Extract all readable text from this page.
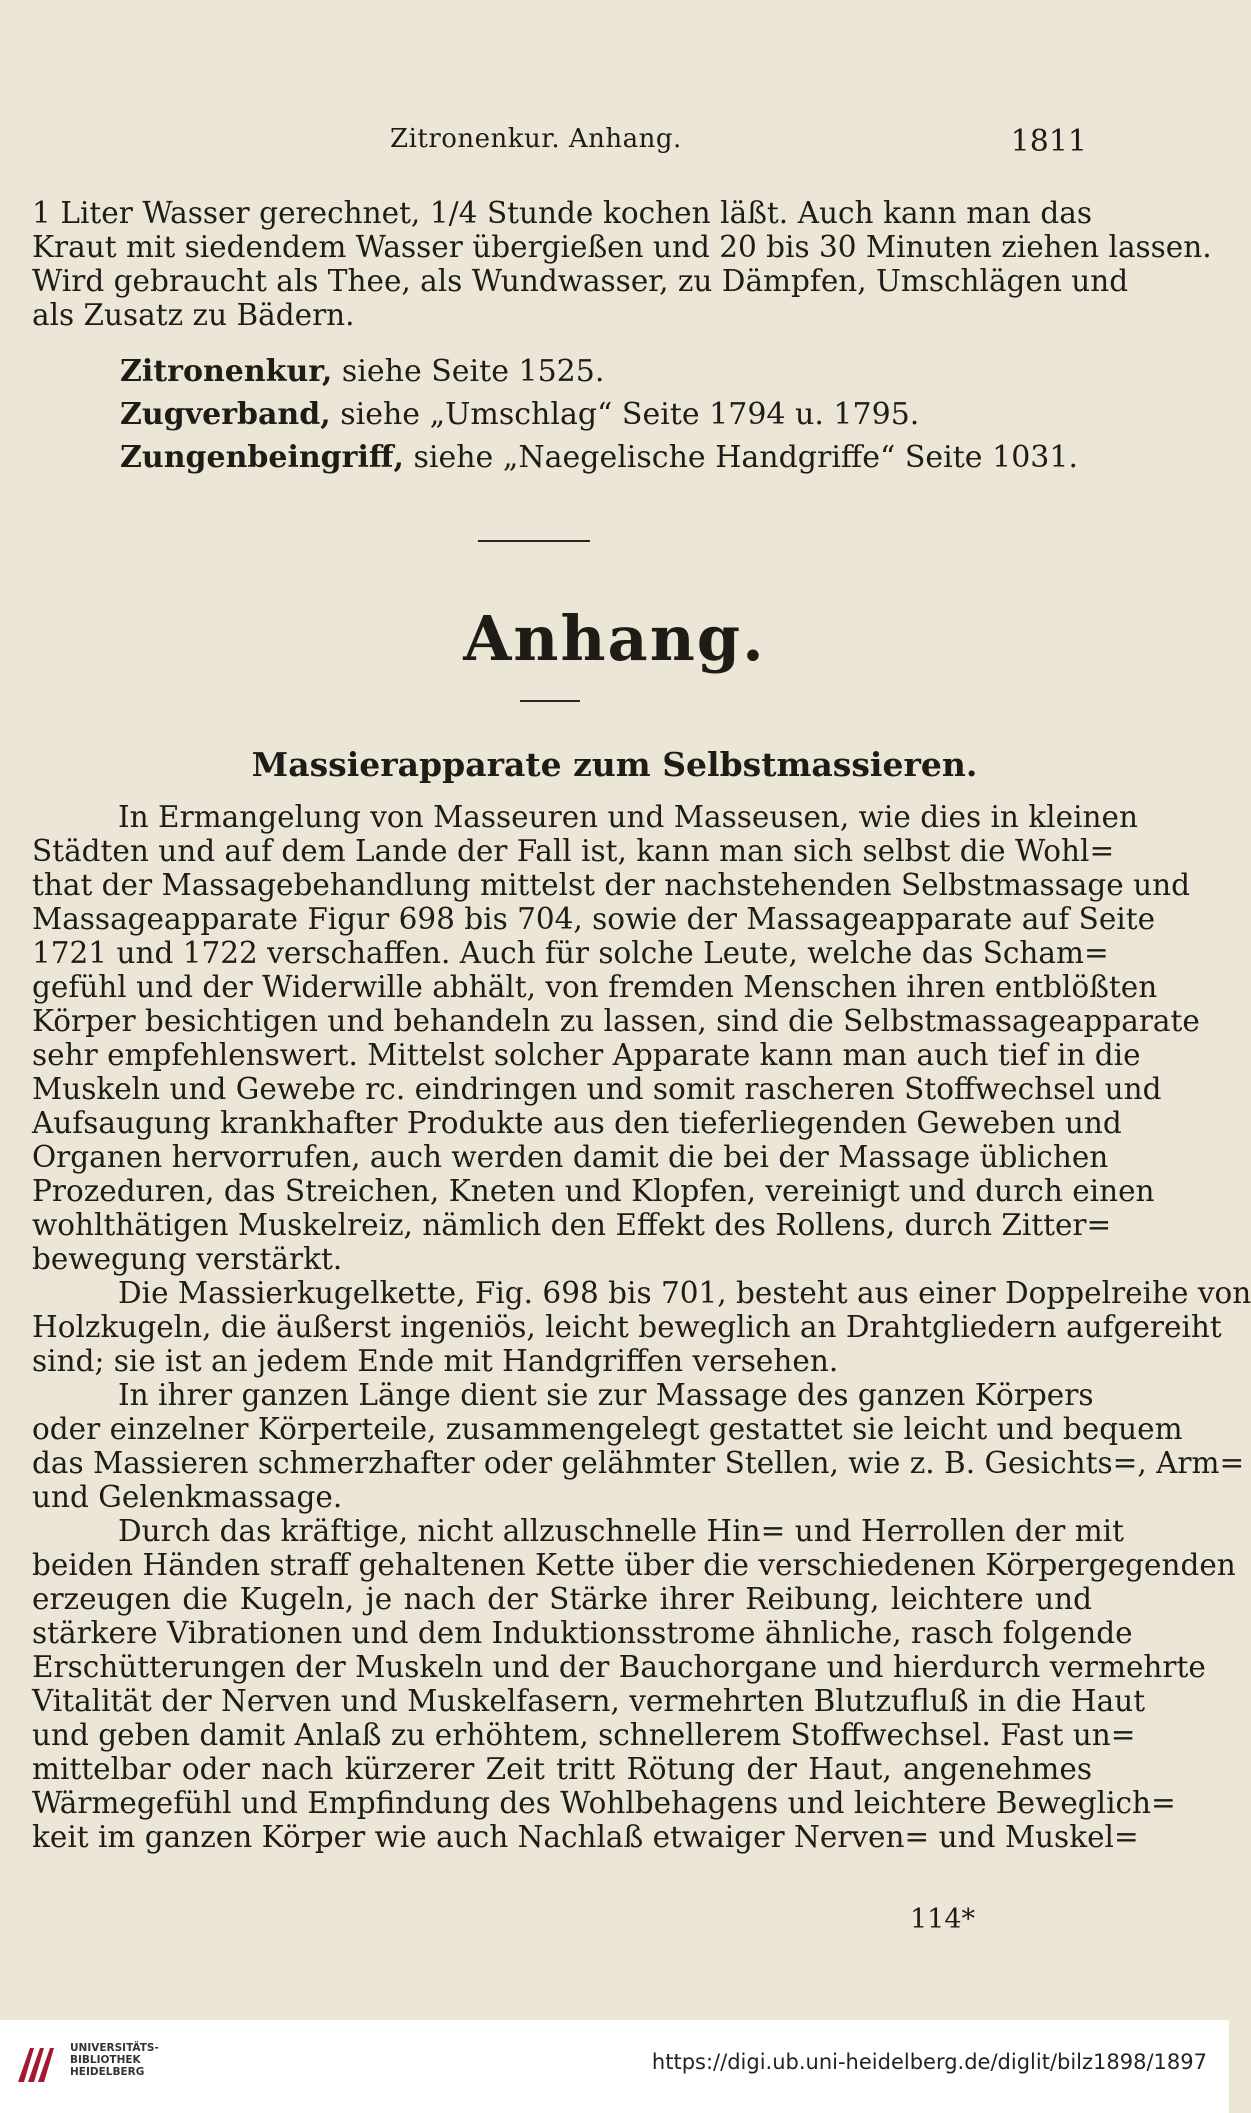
Zitronenkur. Anhang.	1811
1 Liter Wasser gerechnet, 1/4 Stunde kochen läßt. Auch kann man das
Kraut mit siedendem Wasser übergießen und 20 bis 30 Minuten ziehen lassen.
Wird gebraucht als Thee, als Wundwasser, zu Dämpfen, Umschlägen und
als Zusatz zu Bädern.
Zitronenkur, siehe Seite 1525.
Zugverband, siehe „Umschlag“ Seite 1794 u. 1795.
Zungenbeingriff, siehe „Naegelische Handgriffe“ Seite 1031.
Anhang.
Massierapparate zum Selbstmassieren.
In Ermangelung von Masseuren und Masseusen, wie dies in kleinen
Städten und auf dem Lande der Fall ist, kann man sich selbst die Wohl=
that der Massagebehandlung mittelst der nachstehenden Selbstmassage und
Massageapparate Figur 698 bis 704, sowie der Massageapparate auf Seite
1721 und 1722 verschaffen. Auch für solche Leute, welche das Scham=
gefühl und der Widerwille abhält, von fremden Menschen ihren entblößten
Körper besichtigen und behandeln zu lassen, sind die Selbstmassageapparate
sehr empfehlenswert. Mittelst solcher Apparate kann man auch tief in die
Muskeln und Gewebe rc. eindringen und somit rascheren Stoffwechsel und
Aufsaugung krankhafter Produkte aus den tieferliegenden Geweben und
Organen hervorrufen, auch werden damit die bei der Massage üblichen
Prozeduren, das Streichen, Kneten und Klopfen, vereinigt und durch einen
wohlthätigen Muskelreiz, nämlich den Effekt des Rollens, durch Zitter=
bewegung verstärkt.
Die Massierkugelkette, Fig. 698 bis 701, besteht aus einer Doppelreihe von
Holzkugeln, die äußerst ingeniös, leicht beweglich an Drahtgliedern aufgereiht
sind; sie ist an jedem Ende mit Handgriffen versehen.
In ihrer ganzen Länge dient sie zur Massage des ganzen Körpers
oder einzelner Körperteile, zusammengelegt gestattet sie leicht und bequem
das Massieren schmerzhafter oder gelähmter Stellen, wie z. B. Gesichts=, Arm=
und Gelenkmassage.
Durch das kräftige, nicht allzuschnelle Hin= und Herrollen der mit
beiden Händen straff gehaltenen Kette über die verschiedenen Körpergegenden
erzeugen die Kugeln, je nach der Stärke ihrer Reibung, leichtere und
stärkere Vibrationen und dem Induktionsstrome ähnliche, rasch folgende
Erschütterungen der Muskeln und der Bauchorgane und hierdurch vermehrte
Vitalität der Nerven und Muskelfasern, vermehrten Blutzufluß in die Haut
und geben damit Anlaß zu erhöhtem, schnellerem Stoffwechsel. Fast un=
mittelbar oder nach kürzerer Zeit tritt Rötung der Haut, angenehmes
Wärmegefühl und Empfindung des Wohlbehagens und leichtere Beweglich=
keit im ganzen Körper wie auch Nachlaß etwaiger Nerven= und Muskel=
114*
UNIVERSITÄTS-
BIBLIOTHEK
HEIDELBERG	https://digi.ub.uni-heidelberg.de/diglit/bilz1898/1897
